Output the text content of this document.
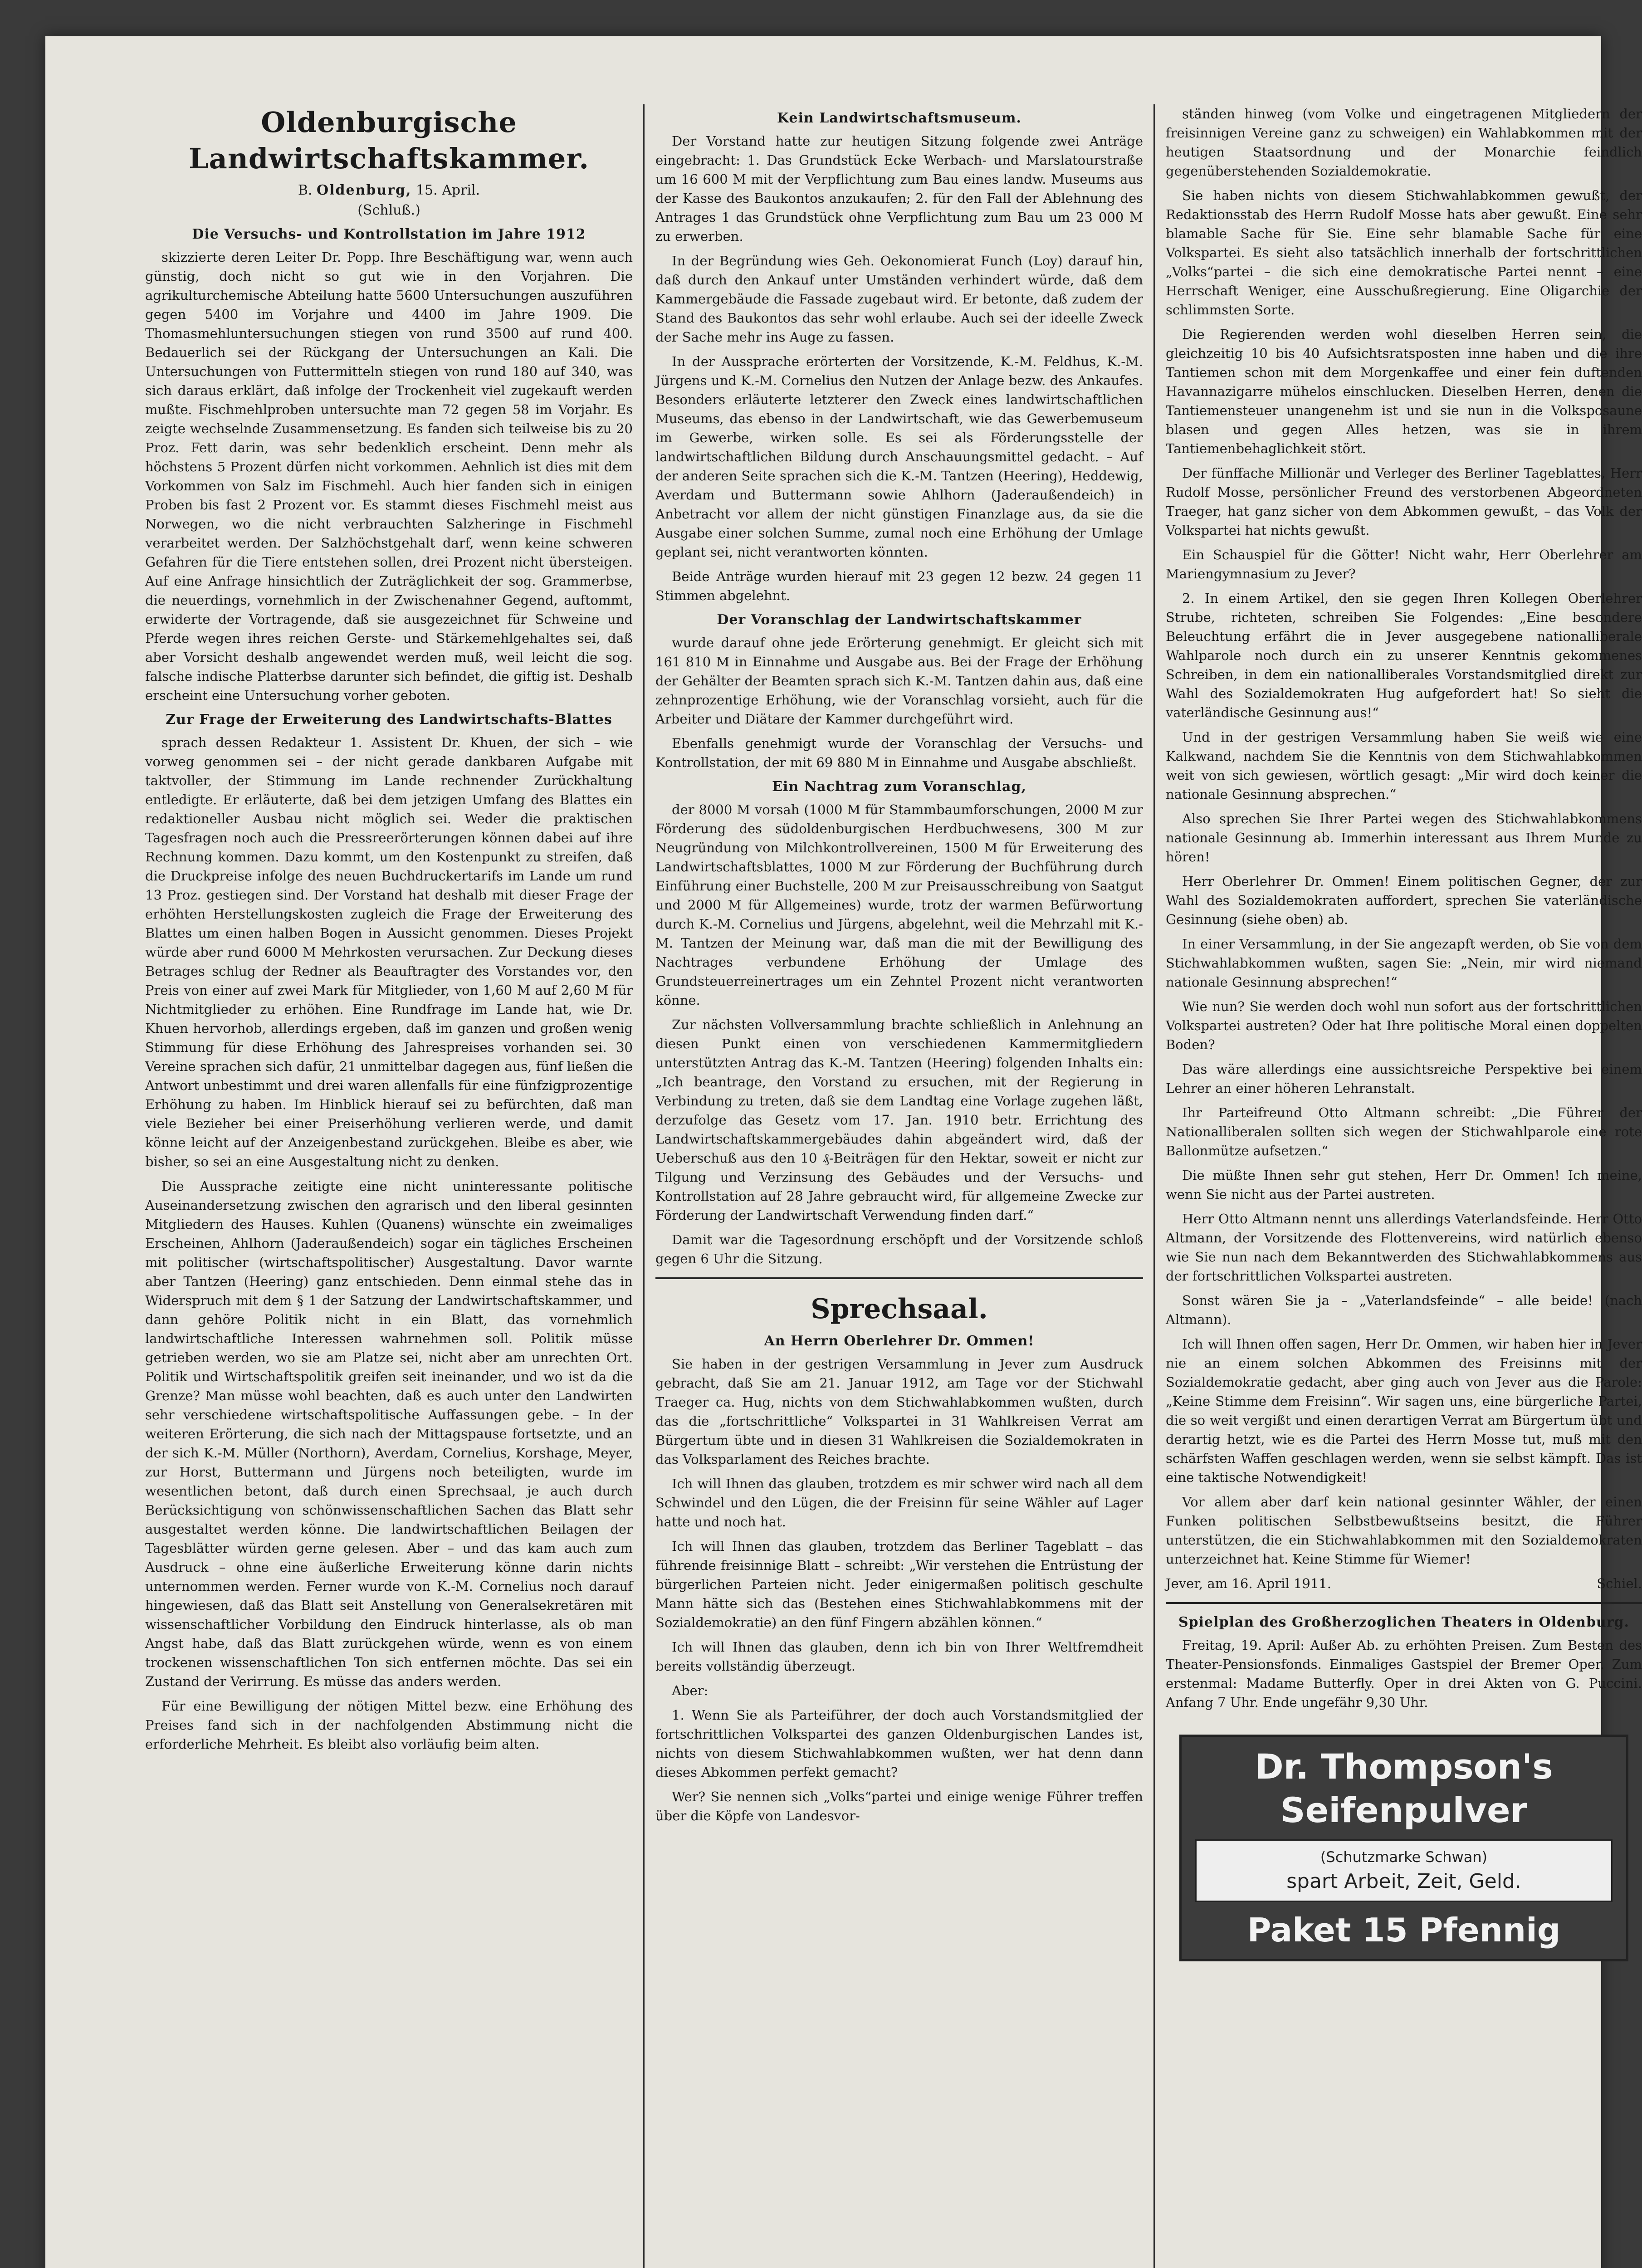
Oldenburgische Landwirtschaftskammer.
B. Oldenburg, 15. April.
(Schluß.)
Die Versuchs- und Kontrollstation im Jahre 1912

skizzierte deren Leiter Dr. Popp. Ihre Beschäftigung war, wenn auch günstig, doch nicht so gut wie in den Vorjahren. Die agrikulturchemische Abteilung hatte 5600 Untersuchungen auszuführen gegen 5400 im Vorjahre und 4400 im Jahre 1909. Die Thomasmehluntersuchungen stiegen von rund 3500 auf rund 400. Bedauerlich sei der Rückgang der Untersuchungen an Kali. Die Untersuchungen von Futtermitteln stiegen von rund 180 auf 340, was sich daraus erklärt, daß infolge der Trockenheit viel zugekauft werden mußte. Fischmehlproben untersuchte man 72 gegen 58 im Vorjahr. Es zeigte wechselnde Zusammensetzung. Es fanden sich teilweise bis zu 20 Proz. Fett darin, was sehr bedenklich erscheint. Denn mehr als höchstens 5 Prozent dürfen nicht vorkommen. Aehnlich ist dies mit dem Vorkommen von Salz im Fischmehl. Auch hier fanden sich in einigen Proben bis fast 2 Prozent vor. Es stammt dieses Fischmehl meist aus Norwegen, wo die nicht verbrauchten Salzheringe in Fischmehl verarbeitet werden. Der Salzhöchstgehalt darf, wenn keine schweren Gefahren für die Tiere entstehen sollen, drei Prozent nicht übersteigen. Auf eine Anfrage hinsichtlich der Zuträglichkeit der sog. Grammerbse, die neuerdings, vornehmlich in der Zwischenahner Gegend, auftommt, erwiderte der Vortragende, daß sie ausgezeichnet für Schweine und Pferde wegen ihres reichen Gerste- und Stärkemehlgehaltes sei, daß aber Vorsicht deshalb angewendet werden muß, weil leicht die sog. falsche indische Platterbse darunter sich befindet, die giftig ist. Deshalb erscheint eine Untersuchung vorher geboten.

Zur Frage der Erweiterung des Landwirtschafts-Blattes

sprach dessen Redakteur 1. Assistent Dr. Khuen, der sich – wie vorweg genommen sei – der nicht gerade dankbaren Aufgabe mit taktvoller, der Stimmung im Lande rechnender Zurückhaltung entledigte. Er erläuterte, daß bei dem jetzigen Umfang des Blattes ein redaktioneller Ausbau nicht möglich sei. Weder die praktischen Tagesfragen noch auch die Pressreerörterungen können dabei auf ihre Rechnung kommen. Dazu kommt, um den Kostenpunkt zu streifen, daß die Druckpreise infolge des neuen Buchdruckertarifs im Lande um rund 13 Proz. gestiegen sind. Der Vorstand hat deshalb mit dieser Frage der erhöhten Herstellungskosten zugleich die Frage der Erweiterung des Blattes um einen halben Bogen in Aussicht genommen. Dieses Projekt würde aber rund 6000 M Mehrkosten verursachen. Zur Deckung dieses Betrages schlug der Redner als Beauftragter des Vorstandes vor, den Preis von einer auf zwei Mark für Mitglieder, von 1,60 M auf 2,60 M für Nichtmitglieder zu erhöhen. Eine Rundfrage im Lande hat, wie Dr. Khuen hervorhob, allerdings ergeben, daß im ganzen und großen wenig Stimmung für diese Erhöhung des Jahrespreises vorhanden sei. 30 Vereine sprachen sich dafür, 21 unmittelbar dagegen aus, fünf ließen die Antwort unbestimmt und drei waren allenfalls für eine fünfzigprozentige Erhöhung zu haben. Im Hinblick hierauf sei zu befürchten, daß man viele Bezieher bei einer Preiserhöhung verlieren werde, und damit könne leicht auf der Anzeigenbestand zurückgehen. Bleibe es aber, wie bisher, so sei an eine Ausgestaltung nicht zu denken.

Die Aussprache zeitigte eine nicht uninteressante politische Auseinandersetzung zwischen den agrarisch und den liberal gesinnten Mitgliedern des Hauses. Kuhlen (Quanens) wünschte ein zweimaliges Erscheinen, Ahlhorn (Jaderaußendeich) sogar ein tägliches Erscheinen mit politischer (wirtschaftspolitischer) Ausgestaltung. Davor warnte aber Tantzen (Heering) ganz entschieden. Denn einmal stehe das in Widerspruch mit dem § 1 der Satzung der Landwirtschaftskammer, und dann gehöre Politik nicht in ein Blatt, das vornehmlich landwirtschaftliche Interessen wahrnehmen soll. Politik müsse getrieben werden, wo sie am Platze sei, nicht aber am unrechten Ort. Politik und Wirtschaftspolitik greifen seit ineinander, und wo ist da die Grenze? Man müsse wohl beachten, daß es auch unter den Landwirten sehr verschiedene wirtschaftspolitische Auffassungen gebe. – In der weiteren Erörterung, die sich nach der Mittagspause fortsetzte, und an der sich K.-M. Müller (Northorn), Averdam, Cornelius, Korshage, Meyer, zur Horst, Buttermann und Jürgens noch beteiligten, wurde im wesentlichen betont, daß durch einen Sprechsaal, je auch durch Berücksichtigung von schönwissenschaftlichen Sachen das Blatt sehr ausgestaltet werden könne. Die landwirtschaftlichen Beilagen der Tagesblätter würden gerne gelesen. Aber – und das kam auch zum Ausdruck – ohne eine äußerliche Erweiterung könne darin nichts unternommen werden. Ferner wurde von K.-M. Cornelius noch darauf hingewiesen, daß das Blatt seit Anstellung von Generalsekretären mit wissenschaftlicher Vorbildung den Eindruck hinterlasse, als ob man Angst habe, daß das Blatt zurückgehen würde, wenn es von einem trockenen wissenschaftlichen Ton sich entfernen möchte. Das sei ein Zustand der Verirrung. Es müsse das anders werden.

Für eine Bewilligung der nötigen Mittel bezw. eine Erhöhung des Preises fand sich in der nachfolgenden Abstimmung nicht die erforderliche Mehrheit. Es bleibt also vorläufig beim alten.

Kein Landwirtschaftsmuseum.

Der Vorstand hatte zur heutigen Sitzung folgende zwei Anträge eingebracht: 1. Das Grundstück Ecke Werbach- und Marslatourstraße um 16 600 M mit der Verpflichtung zum Bau eines landw. Museums aus der Kasse des Baukontos anzukaufen; 2. für den Fall der Ablehnung des Antrages 1 das Grundstück ohne Verpflichtung zum Bau um 23 000 M zu erwerben.

In der Begründung wies Geh. Oekonomierat Funch (Loy) darauf hin, daß durch den Ankauf unter Umständen verhindert würde, daß dem Kammergebäude die Fassade zugebaut wird. Er betonte, daß zudem der Stand des Baukontos das sehr wohl erlaube. Auch sei der ideelle Zweck der Sache mehr ins Auge zu fassen.

In der Aussprache erörterten der Vorsitzende, K.-M. Feldhus, K.-M. Jürgens und K.-M. Cornelius den Nutzen der Anlage bezw. des Ankaufes. Besonders erläuterte letzterer den Zweck eines landwirtschaftlichen Museums, das ebenso in der Landwirtschaft, wie das Gewerbemuseum im Gewerbe, wirken solle. Es sei als Förderungsstelle der landwirtschaftlichen Bildung durch Anschauungsmittel gedacht. – Auf der anderen Seite sprachen sich die K.-M. Tantzen (Heering), Heddewig, Averdam und Buttermann sowie Ahlhorn (Jaderaußendeich) in Anbetracht vor allem der nicht günstigen Finanzlage aus, da sie die Ausgabe einer solchen Summe, zumal noch eine Erhöhung der Umlage geplant sei, nicht verantworten könnten.

Beide Anträge wurden hierauf mit 23 gegen 12 bezw. 24 gegen 11 Stimmen abgelehnt.

Der Voranschlag der Landwirtschaftskammer

wurde darauf ohne jede Erörterung genehmigt. Er gleicht sich mit 161 810 M in Einnahme und Ausgabe aus. Bei der Frage der Erhöhung der Gehälter der Beamten sprach sich K.-M. Tantzen dahin aus, daß eine zehnprozentige Erhöhung, wie der Voranschlag vorsieht, auch für die Arbeiter und Diätare der Kammer durchgeführt wird.

Ebenfalls genehmigt wurde der Voranschlag der Versuchs- und Kontrollstation, der mit 69 880 M in Einnahme und Ausgabe abschließt.

Ein Nachtrag zum Voranschlag,

der 8000 M vorsah (1000 M für Stammbaumforschungen, 2000 M zur Förderung des südoldenburgischen Herdbuchwesens, 300 M zur Neugründung von Milchkontrollvereinen, 1500 M für Erweiterung des Landwirtschaftsblattes, 1000 M zur Förderung der Buchführung durch Einführung einer Buchstelle, 200 M zur Preisausschreibung von Saatgut und 2000 M für Allgemeines) wurde, trotz der warmen Befürwortung durch K.-M. Cornelius und Jürgens, abgelehnt, weil die Mehrzahl mit K.-M. Tantzen der Meinung war, daß man die mit der Bewilligung des Nachtrages verbundene Erhöhung der Umlage des Grundsteuerreinertrages um ein Zehntel Prozent nicht verantworten könne.

Zur nächsten Vollversammlung brachte schließlich in Anlehnung an diesen Punkt einen von verschiedenen Kammermitgliedern unterstützten Antrag das K.-M. Tantzen (Heering) folgenden Inhalts ein: „Ich beantrage, den Vorstand zu ersuchen, mit der Regierung in Verbindung zu treten, daß sie dem Landtag eine Vorlage zugehen läßt, derzufolge das Gesetz vom 17. Jan. 1910 betr. Errichtung des Landwirtschaftskammergebäudes dahin abgeändert wird, daß der Ueberschuß aus den 10 ₰-Beiträgen für den Hektar, soweit er nicht zur Tilgung und Verzinsung des Gebäudes und der Versuchs- und Kontrollstation auf 28 Jahre gebraucht wird, für allgemeine Zwecke zur Förderung der Landwirtschaft Verwendung finden darf.“

Damit war die Tagesordnung erschöpft und der Vorsitzende schloß gegen 6 Uhr die Sitzung.

Sprechsaal.
An Herrn Oberlehrer Dr. Ommen!

Sie haben in der gestrigen Versammlung in Jever zum Ausdruck gebracht, daß Sie am 21. Januar 1912, am Tage vor der Stichwahl Traeger ca. Hug, nichts von dem Stichwahlabkommen wußten, durch das die „fortschrittliche“ Volkspartei in 31 Wahlkreisen Verrat am Bürgertum übte und in diesen 31 Wahlkreisen die Sozialdemokraten in das Volksparlament des Reiches brachte.

Ich will Ihnen das glauben, trotzdem es mir schwer wird nach all dem Schwindel und den Lügen, die der Freisinn für seine Wähler auf Lager hatte und noch hat.

Ich will Ihnen das glauben, trotzdem das Berliner Tageblatt – das führende freisinnige Blatt – schreibt: „Wir verstehen die Entrüstung der bürgerlichen Parteien nicht. Jeder einigermaßen politisch geschulte Mann hätte sich das (Bestehen eines Stichwahlabkommens mit der Sozialdemokratie) an den fünf Fingern abzählen können.“

Ich will Ihnen das glauben, denn ich bin von Ihrer Weltfremdheit bereits vollständig überzeugt.

Aber:

1. Wenn Sie als Parteiführer, der doch auch Vorstandsmitglied der fortschrittlichen Volkspartei des ganzen Oldenburgischen Landes ist, nichts von diesem Stichwahlabkommen wußten, wer hat denn dann dieses Abkommen perfekt gemacht?

Wer? Sie nennen sich „Volks“partei und einige wenige Führer treffen über die Köpfe von Landesvor-

ständen hinweg (vom Volke und eingetragenen Mitgliedern der freisinnigen Vereine ganz zu schweigen) ein Wahlabkommen mit der heutigen Staatsordnung und der Monarchie feindlich gegenüberstehenden Sozialdemokratie.

Sie haben nichts von diesem Stichwahlabkommen gewußt, der Redaktionsstab des Herrn Rudolf Mosse hats aber gewußt. Eine sehr blamable Sache für Sie. Eine sehr blamable Sache für eine Volkspartei. Es sieht also tatsächlich innerhalb der fortschrittlichen „Volks“partei – die sich eine demokratische Partei nennt – eine Herrschaft Weniger, eine Ausschußregierung. Eine Oligarchie der schlimmsten Sorte.

Die Regierenden werden wohl dieselben Herren sein, die gleichzeitig 10 bis 40 Aufsichtsratsposten inne haben und die ihre Tantiemen schon mit dem Morgenkaffee und einer fein duftenden Havannazigarre mühelos einschlucken. Dieselben Herren, denen die Tantiemensteuer unangenehm ist und sie nun in die Volksposaune blasen und gegen Alles hetzen, was sie in ihrem Tantiemenbehaglichkeit stört.

Der fünffache Millionär und Verleger des Berliner Tageblattes, Herr Rudolf Mosse, persönlicher Freund des verstorbenen Abgeordneten Traeger, hat ganz sicher von dem Abkommen gewußt, – das Volk der Volkspartei hat nichts gewußt.

Ein Schauspiel für die Götter! Nicht wahr, Herr Oberlehrer am Mariengymnasium zu Jever?

2. In einem Artikel, den sie gegen Ihren Kollegen Oberlehrer Strube, richteten, schreiben Sie Folgendes: „Eine besondere Beleuchtung erfährt die in Jever ausgegebene nationalliberale Wahlparole noch durch ein zu unserer Kenntnis gekommenes Schreiben, in dem ein nationalliberales Vorstandsmitglied direkt zur Wahl des Sozialdemokraten Hug aufgefordert hat! So sieht die vaterländische Gesinnung aus!“

Und in der gestrigen Versammlung haben Sie weiß wie eine Kalkwand, nachdem Sie die Kenntnis von dem Stichwahlabkommen weit von sich gewiesen, wörtlich gesagt: „Mir wird doch keiner die nationale Gesinnung absprechen.“

Also sprechen Sie Ihrer Partei wegen des Stichwahlabkommens nationale Gesinnung ab. Immerhin interessant aus Ihrem Munde zu hören!

Herr Oberlehrer Dr. Ommen! Einem politischen Gegner, der zur Wahl des Sozialdemokraten auffordert, sprechen Sie vaterländische Gesinnung (siehe oben) ab.

In einer Versammlung, in der Sie angezapft werden, ob Sie von dem Stichwahlabkommen wußten, sagen Sie: „Nein, mir wird niemand nationale Gesinnung absprechen!“

Wie nun? Sie werden doch wohl nun sofort aus der fortschrittlichen Volkspartei austreten? Oder hat Ihre politische Moral einen doppelten Boden?

Das wäre allerdings eine aussichtsreiche Perspektive bei einem Lehrer an einer höheren Lehranstalt.

Ihr Parteifreund Otto Altmann schreibt: „Die Führer der Nationalliberalen sollten sich wegen der Stichwahlparole eine rote Ballonmütze aufsetzen.“

Die müßte Ihnen sehr gut stehen, Herr Dr. Ommen! Ich meine, wenn Sie nicht aus der Partei austreten.

Herr Otto Altmann nennt uns allerdings Vaterlandsfeinde. Herr Otto Altmann, der Vorsitzende des Flottenvereins, wird natürlich ebenso wie Sie nun nach dem Bekanntwerden des Stichwahlabkommens aus der fortschrittlichen Volkspartei austreten.

Sonst wären Sie ja – „Vaterlandsfeinde“ – alle beide! (nach Altmann).

Ich will Ihnen offen sagen, Herr Dr. Ommen, wir haben hier in Jever nie an einem solchen Abkommen des Freisinns mit der Sozialdemokratie gedacht, aber ging auch von Jever aus die Parole: „Keine Stimme dem Freisinn“. Wir sagen uns, eine bürgerliche Partei, die so weit vergißt und einen derartigen Verrat am Bürgertum übt und derartig hetzt, wie es die Partei des Herrn Mosse tut, muß mit den schärfsten Waffen geschlagen werden, wenn sie selbst kämpft. Das ist eine taktische Notwendigkeit!

Vor allem aber darf kein national gesinnter Wähler, der einen Funken politischen Selbstbewußtseins besitzt, die Führer unterstützen, die ein Stichwahlabkommen mit den Sozialdemokraten unterzeichnet hat. Keine Stimme für Wiemer!

Jever, am 16. April 1911.	Schiel.
Spielplan des Großherzoglichen Theaters in Oldenburg.

Freitag, 19. April: Außer Ab. zu erhöhten Preisen. Zum Besten des Theater-Pensionsfonds. Einmaliges Gastspiel der Bremer Oper. Zum erstenmal: Madame Butterfly. Oper in drei Akten von G. Puccini. Anfang 7 Uhr. Ende ungefähr 9,30 Uhr.

Dr. Thompson's
Seifenpulver
(Schutzmarke Schwan)
spart Arbeit, Zeit, Geld.
Paket 15 Pfennig
